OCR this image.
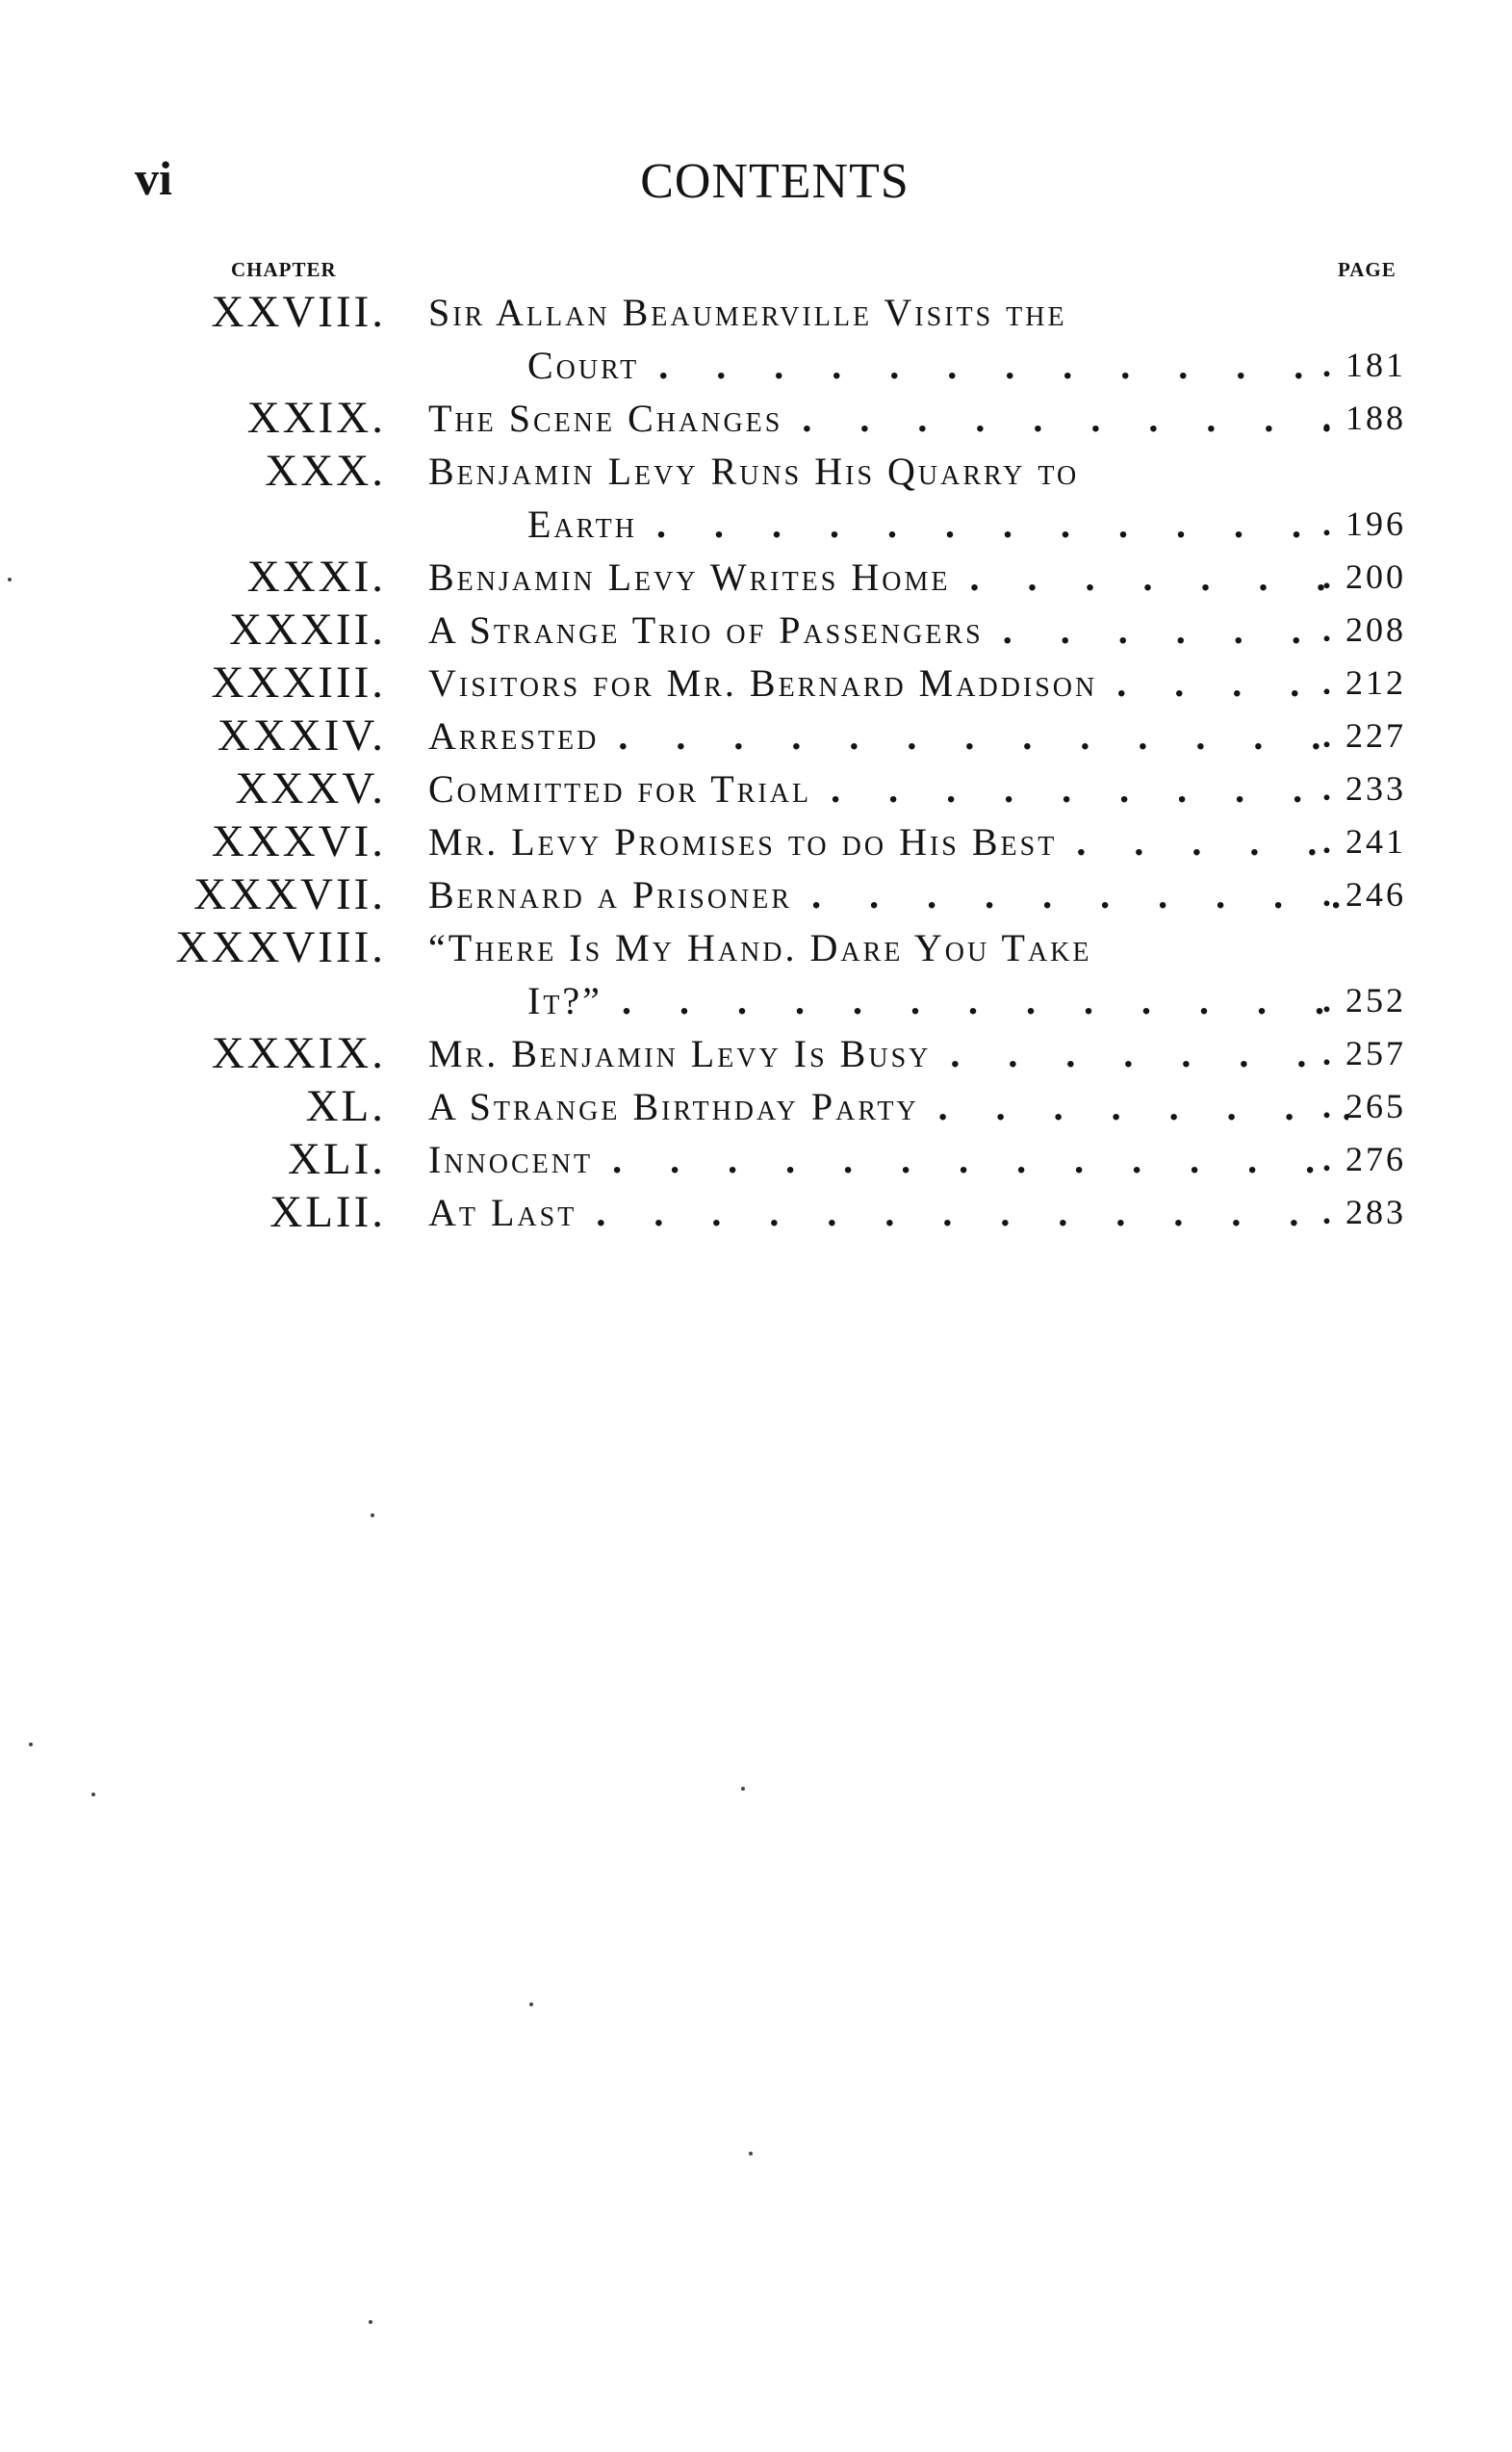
vi	CONTENTS
CHAPTER	PAGE
XXVIII. Sir Allan Beaumerville Visits the
Court . .	. 181
XXIX. The Scene Changes . .	. 188
XXX. Benjamin Levy Runs His Quarry to
Earth . .	. 196
XXXI. Benjamin Levy Writes Home . .	. 200
XXXII. A Strange Trio of Passengers . .	. 208
XXXIII. Visitors for Mr. Bernard Maddison . .	. 212
XXXIV. Arrested . .	. 227
XXXV. Committed for Trial . .	. 233
XXXVI. Mr. Levy Promises to do His Best . .	. 241
XXXVII. Bernard a Prisoner . .	. 246
XXXVIII. “There Is My Hand. Dare You Take
It?” . .	. 252
XXXIX. Mr. Benjamin Levy Is Busy . .	. 257
XL. A Strange Birthday Party . .	. 265
XLI. Innocent . .	. 276
XLII. At Last . .	. 283
